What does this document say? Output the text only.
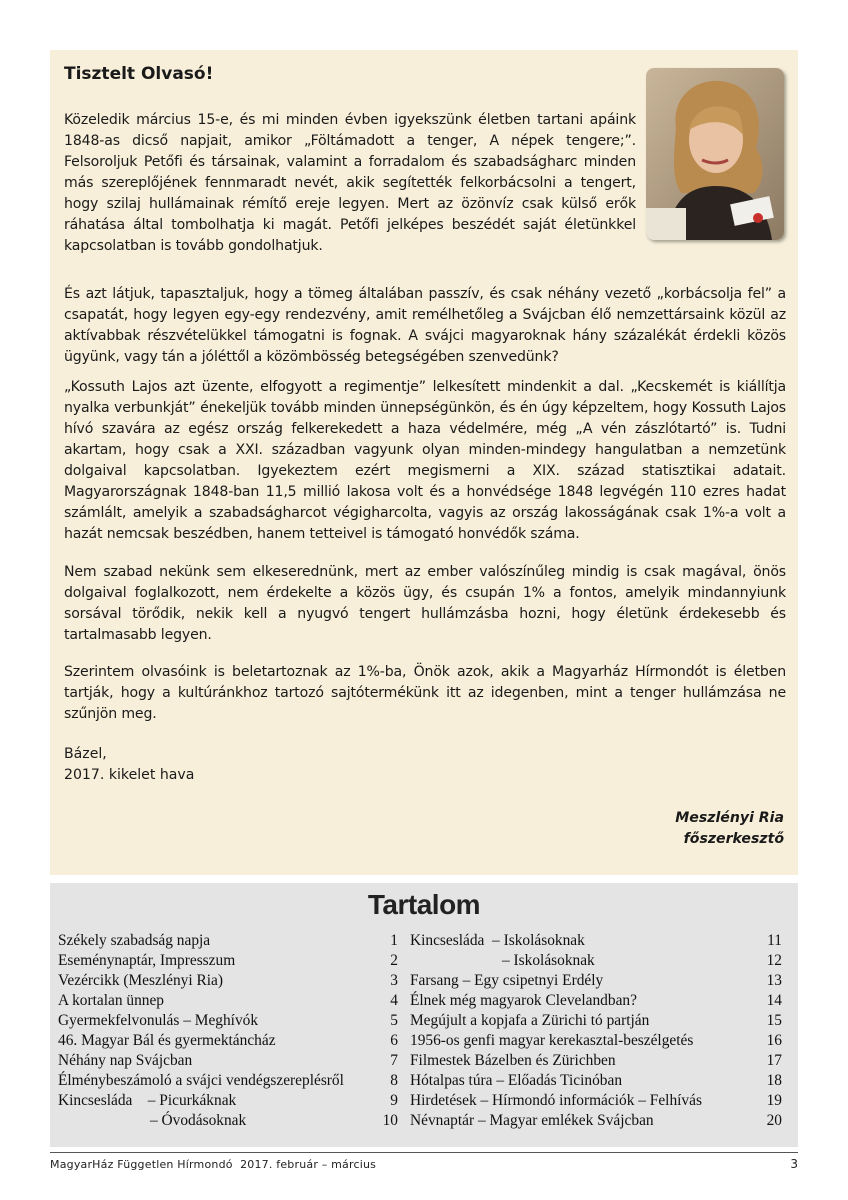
Tisztelt Olvasó!

Közeledik március 15-e, és mi minden évben igyekszünk életben tartani apáink 1848-as dicső napjait, amikor „Föltámadott a tenger, A népek tengere;”. Felsoroljuk Petőfi és társainak, valamint a forradalom és szabadságharc minden más szereplőjének fennmaradt nevét, akik segítették felkorbácsolni a tengert, hogy szilaj hullámainak rémítő ereje legyen. Mert az özönvíz csak külső erők ráhatása által tombolhatja ki magát. Petőfi jelképes beszédét saját életünkkel kapcsolatban is tovább gondolhatjuk.

És azt látjuk, tapasztaljuk, hogy a tömeg általában passzív, és csak néhány vezető „korbácsolja fel” a csapatát, hogy legyen egy-egy rendezvény, amit remélhetőleg a Svájcban élő nemzettársaink közül az aktívabbak részvételükkel támogatni is fognak. A svájci magyaroknak hány százalékát érdekli közös ügyünk, vagy tán a jóléttől a közömbösség betegségében szenvedünk?

„Kossuth Lajos azt üzente, elfogyott a regimentje” lelkesített mindenkit a dal. „Kecskemét is kiállítja nyalka verbunkját” énekeljük tovább minden ünnepségünkön, és én úgy képzeltem, hogy Kossuth Lajos hívó szavára az egész ország felkerekedett a haza védelmére, még „A vén zászlótartó” is. Tudni akartam, hogy csak a XXI. században vagyunk olyan minden-mindegy hangulatban a nemzetünk dolgaival kapcsolatban. Igyekeztem ezért megismerni a XIX. század statisztikai adatait. Magyarországnak 1848-ban 11,5 millió lakosa volt és a honvédsége 1848 legvégén 110 ezres hadat számlált, amelyik a szabadságharcot végigharcolta, vagyis az ország lakosságának csak 1%-a volt a hazát nemcsak beszédben, hanem tetteivel is támogató honvédők száma.

Nem szabad nekünk sem elkeserednünk, mert az ember valószínűleg mindig is csak magával, önös dolgaival foglalkozott, nem érdekelte a közös ügy, és csupán 1% a fontos, amelyik mindannyiunk sorsával törődik, nekik kell a nyugvó tengert hullámzásba hozni, hogy életünk érdekesebb és tartalmasabb legyen.

Szerintem olvasóink is beletartoznak az 1%-ba, Önök azok, akik a Magyarház Hírmondót is életben tartják, hogy a kultúránkhoz tartozó sajtótermékünk itt az idegenben, mint a tenger hullámzása ne szűnjön meg.

Bázel,
2017. kikelet hava
Meszlényi Ria
főszerkesztő
Tartalom
Székely szabadság napja	1
Eseménynaptár, Impresszum	2
Vezércikk (Meszlényi Ria)	3
A kortalan ünnep	4
Gyermekfelvonulás – Meghívók	5
46. Magyar Bál és gyermektáncház	6
Néhány nap Svájcban	7
Élménybeszámoló a svájci vendégszereplésről	8
Kincsesláda    – Picurkáknak	9
– Óvodásoknak	10
Kincsesláda  – Iskolásoknak	11
– Iskolásoknak	12
Farsang – Egy csipetnyi Erdély	13
Élnek még magyarok Clevelandban?	14
Megújult a kopjafa a Zürichi tó partján	15
1956-os genfi magyar kerekasztal-beszélgetés	16
Filmestek Bázelben és Zürichben	17
Hótalpas túra – Előadás Ticinóban	18
Hirdetések – Hírmondó információk – Felhívás	19
Névnaptár – Magyar emlékek Svájcban	20
MagyarHáz Független Hírmondó  2017. február – március	3
